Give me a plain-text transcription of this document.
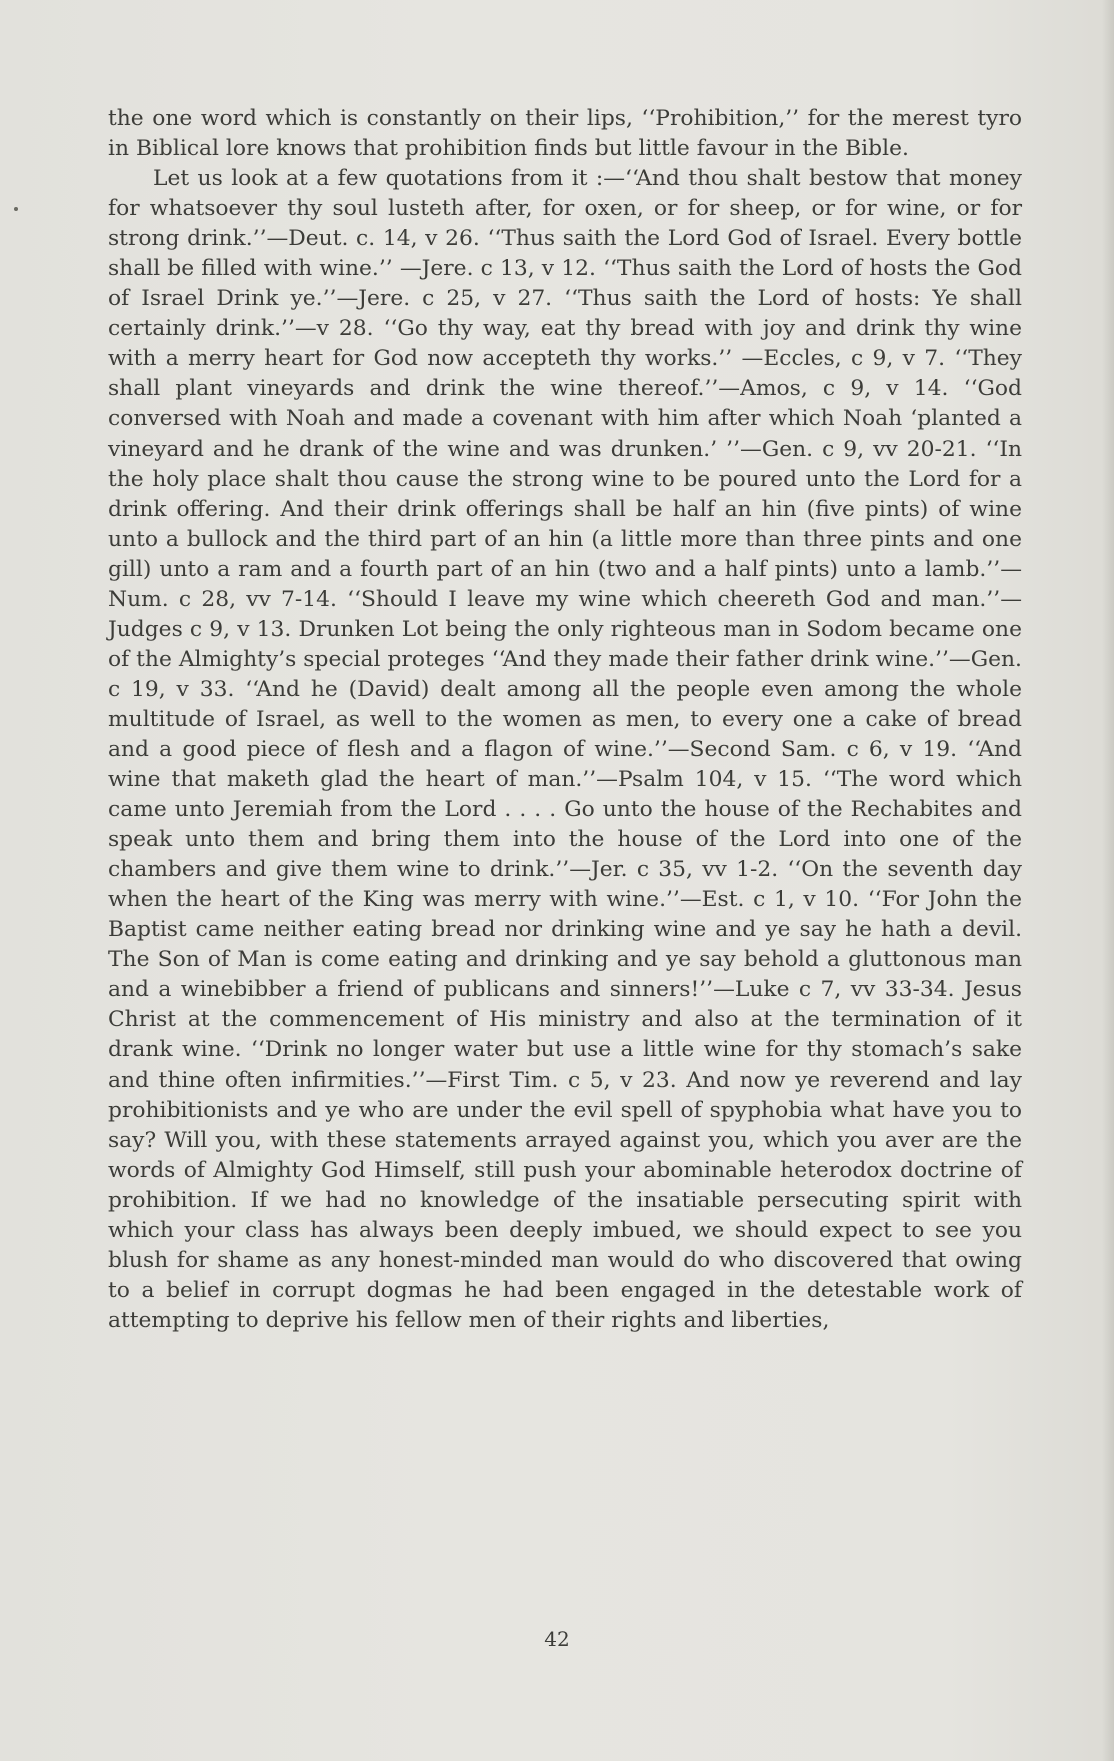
the one word which is constantly on their lips, ‘‘Prohibition,’’ for the merest tyro in Biblical lore knows that prohibition finds but little favour in the Bible.

Let us look at a few quotations from it :—‘‘And thou shalt bestow that money for whatsoever thy soul lusteth after, for oxen, or for sheep, or for wine, or for strong drink.’’—Deut. c. 14, v 26. ‘‘Thus saith the Lord God of Israel. Every bottle shall be filled with wine.’’ —Jere. c 13, v 12. ‘‘Thus saith the Lord of hosts the God of Israel Drink ye.’’—Jere. c 25, v 27. ‘‘Thus saith the Lord of hosts: Ye shall certainly drink.’’—v 28. ‘‘Go thy way, eat thy bread with joy and drink thy wine with a merry heart for God now accepteth thy works.’’ —Eccles, c 9, v 7. ‘‘They shall plant vineyards and drink the wine thereof.’’—Amos, c 9, v 14. ‘‘God conversed with Noah and made a covenant with him after which Noah ‘planted a vineyard and he drank of the wine and was drunken.’ ’’—Gen. c 9, vv 20-21. ‘‘In the holy place shalt thou cause the strong wine to be poured unto the Lord for a drink offering. And their drink offerings shall be half an hin (five pints) of wine unto a bullock and the third part of an hin (a little more than three pints and one gill) unto a ram and a fourth part of an hin (two and a half pints) unto a lamb.’’—Num. c 28, vv 7-14. ‘‘Should I leave my wine which cheereth God and man.’’—Judges c 9, v 13. Drunken Lot being the only righteous man in Sodom became one of the Almighty’s special proteges ‘‘And they made their father drink wine.’’—Gen. c 19, v 33. ‘‘And he (David) dealt among all the people even among the whole multitude of Israel, as well to the women as men, to every one a cake of bread and a good piece of flesh and a flagon of wine.’’—Second Sam. c 6, v 19. ‘‘And wine that maketh glad the heart of man.’’—Psalm 104, v 15. ‘‘The word which came unto Jeremiah from the Lord . . . . Go unto the house of the Rechabites and speak unto them and bring them into the house of the Lord into one of the chambers and give them wine to drink.’’—Jer. c 35, vv 1-2. ‘‘On the seventh day when the heart of the King was merry with wine.’’—Est. c 1, v 10. ‘‘For John the Baptist came neither eating bread nor drinking wine and ye say he hath a devil. The Son of Man is come eating and drinking and ye say behold a gluttonous man and a winebibber a friend of publicans and sinners!’’—Luke c 7, vv 33-34. Jesus Christ at the commencement of His ministry and also at the termination of it drank wine. ‘‘Drink no longer water but use a little wine for thy stomach’s sake and thine often infirmities.’’—First Tim. c 5, v 23. And now ye reverend and lay prohibitionists and ye who are under the evil spell of spyphobia what have you to say? Will you, with these statements arrayed against you, which you aver are the words of Almighty God Himself, still push your abominable heterodox doctrine of prohibition. If we had no knowledge of the insatiable persecuting spirit with which your class has always been deeply imbued, we should expect to see you blush for shame as any honest-minded man would do who discovered that owing to a belief in corrupt dogmas he had been engaged in the detestable work of attempting to deprive his fellow men of their rights and liberties,

42
